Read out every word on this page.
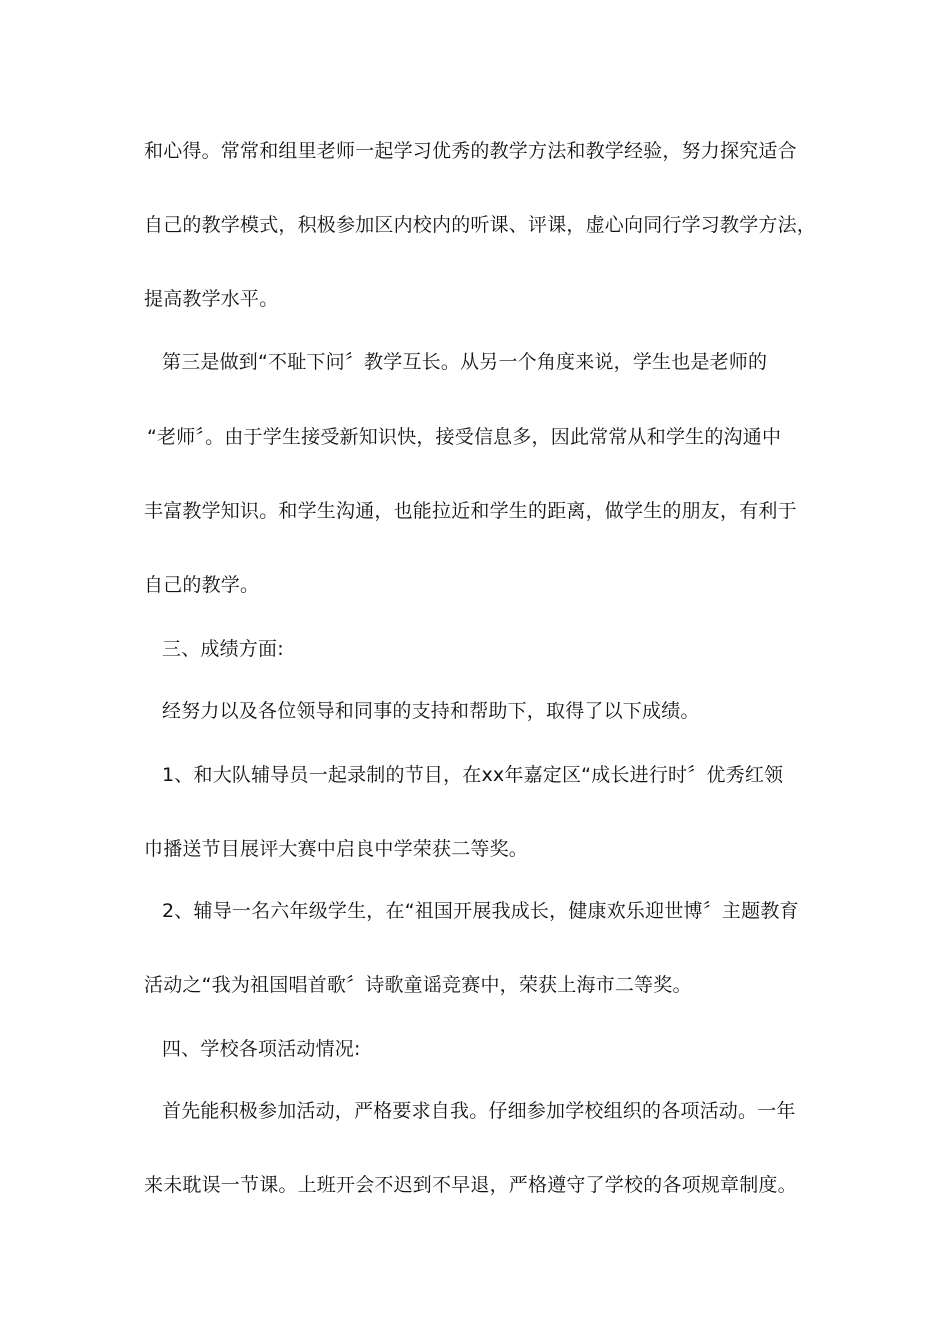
和心得。常常和组里老师一起学习优秀的教学方法和教学经验，努力探究适合
自己的教学模式，积极参加区内校内的听课、评课，虚心向同行学习教学方法，
提高教学水平。
第三是做到“不耻下问〞教学互长。从另一个角度来说，学生也是老师的
“老师〞。由于学生接受新知识快，接受信息多，因此常常从和学生的沟通中
丰富教学知识。和学生沟通，也能拉近和学生的距离，做学生的朋友，有利于
自己的教学。
三、成绩方面:
经努力以及各位领导和同事的支持和帮助下，取得了以下成绩。
1、和大队辅导员一起录制的节目，在xx年嘉定区“成长进行时〞优秀红领
巾播送节目展评大赛中启良中学荣获二等奖。
2、辅导一名六年级学生，在“祖国开展我成长，健康欢乐迎世博〞主题教育
活动之“我为祖国唱首歌〞诗歌童谣竞赛中，荣获上海市二等奖。
四、学校各项活动情况:
首先能积极参加活动，严格要求自我。仔细参加学校组织的各项活动。一年
来未耽误一节课。上班开会不迟到不早退，严格遵守了学校的各项规章制度。
